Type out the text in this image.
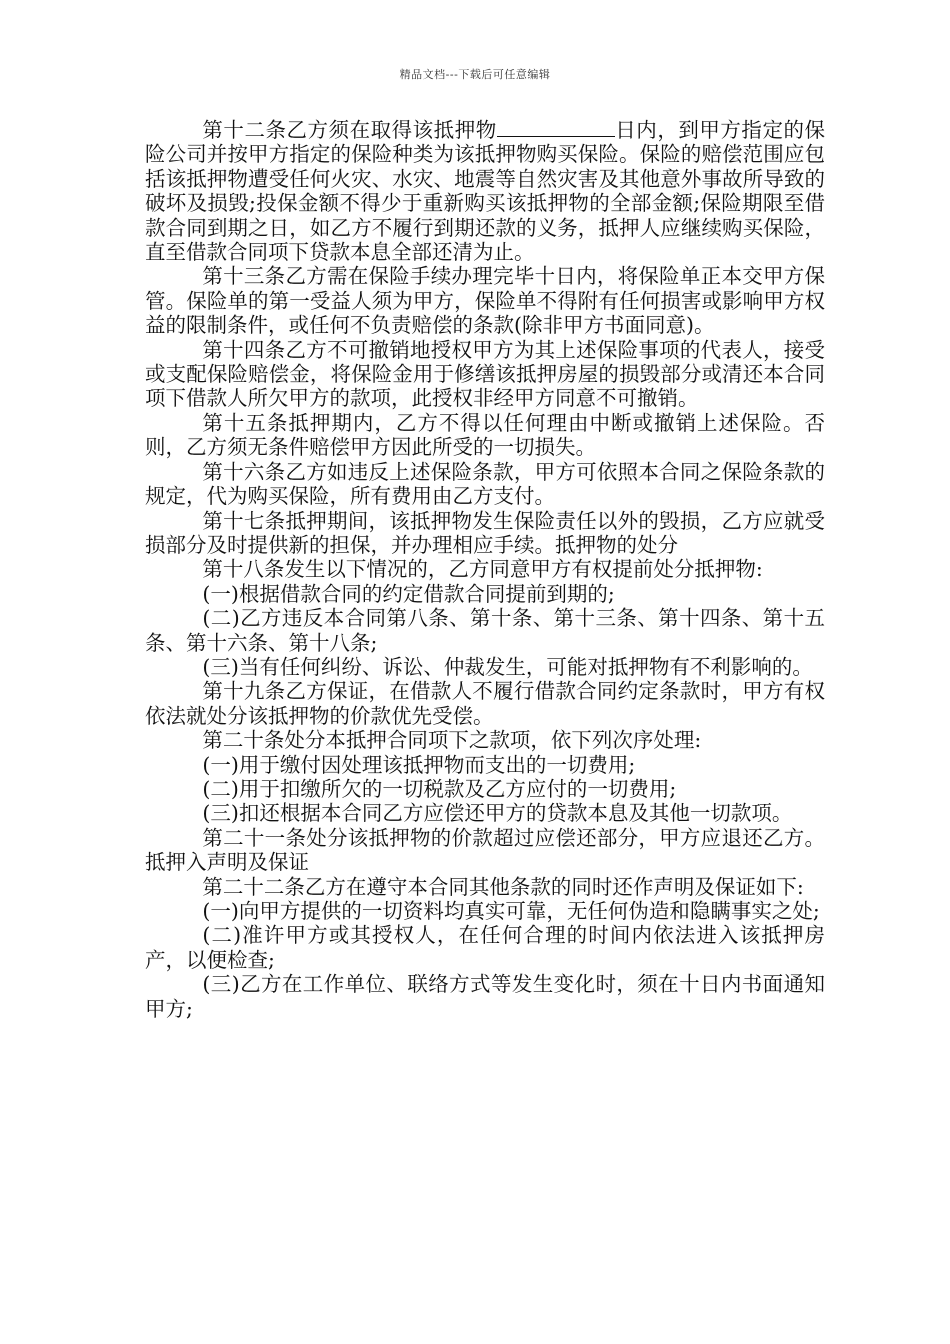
精品文档---下载后可任意编辑

第十二条乙方须在取得该抵押物	日内，到甲方指定的保险公司并按甲方指定的保险种类为该抵押物购买保险。保险的赔偿范围应包括该抵押物遭受任何火灾、水灾、地震等自然灾害及其他意外事故所导致的破坏及损毁;投保金额不得少于重新购买该抵押物的全部金额;保险期限至借款合同到期之日，如乙方不履行到期还款的义务，抵押人应继续购买保险，直至借款合同项下贷款本息全部还清为止。

第十三条乙方需在保险手续办理完毕十日内，将保险单正本交甲方保管。保险单的第一受益人须为甲方，保险单不得附有任何损害或影响甲方权益的限制条件，或任何不负责赔偿的条款(除非甲方书面同意)。

第十四条乙方不可撤销地授权甲方为其上述保险事项的代表人，接受或支配保险赔偿金，将保险金用于修缮该抵押房屋的损毁部分或清还本合同项下借款人所欠甲方的款项，此授权非经甲方同意不可撤销。

第十五条抵押期内，乙方不得以任何理由中断或撤销上述保险。否则，乙方须无条件赔偿甲方因此所受的一切损失。

第十六条乙方如违反上述保险条款，甲方可依照本合同之保险条款的规定，代为购买保险，所有费用由乙方支付。

第十七条抵押期间，该抵押物发生保险责任以外的毁损，乙方应就受损部分及时提供新的担保，并办理相应手续。抵押物的处分

第十八条发生以下情况的，乙方同意甲方有权提前处分抵押物:

(一)根据借款合同的约定借款合同提前到期的;

(二)乙方违反本合同第八条、第十条、第十三条、第十四条、第十五条、第十六条、第十八条;

(三)当有任何纠纷、诉讼、仲裁发生，可能对抵押物有不利影响的。

第十九条乙方保证，在借款人不履行借款合同约定条款时，甲方有权依法就处分该抵押物的价款优先受偿。

第二十条处分本抵押合同项下之款项，依下列次序处理:

(一)用于缴付因处理该抵押物而支出的一切费用;

(二)用于扣缴所欠的一切税款及乙方应付的一切费用;

(三)扣还根据本合同乙方应偿还甲方的贷款本息及其他一切款项。

第二十一条处分该抵押物的价款超过应偿还部分，甲方应退还乙方。抵押入声明及保证

第二十二条乙方在遵守本合同其他条款的同时还作声明及保证如下:

(一)向甲方提供的一切资料均真实可靠，无任何伪造和隐瞒事实之处;

(二)准许甲方或其授权人，在任何合理的时间内依法进入该抵押房产，以便检查;

(三)乙方在工作单位、联络方式等发生变化时，须在十日内书面通知甲方;
